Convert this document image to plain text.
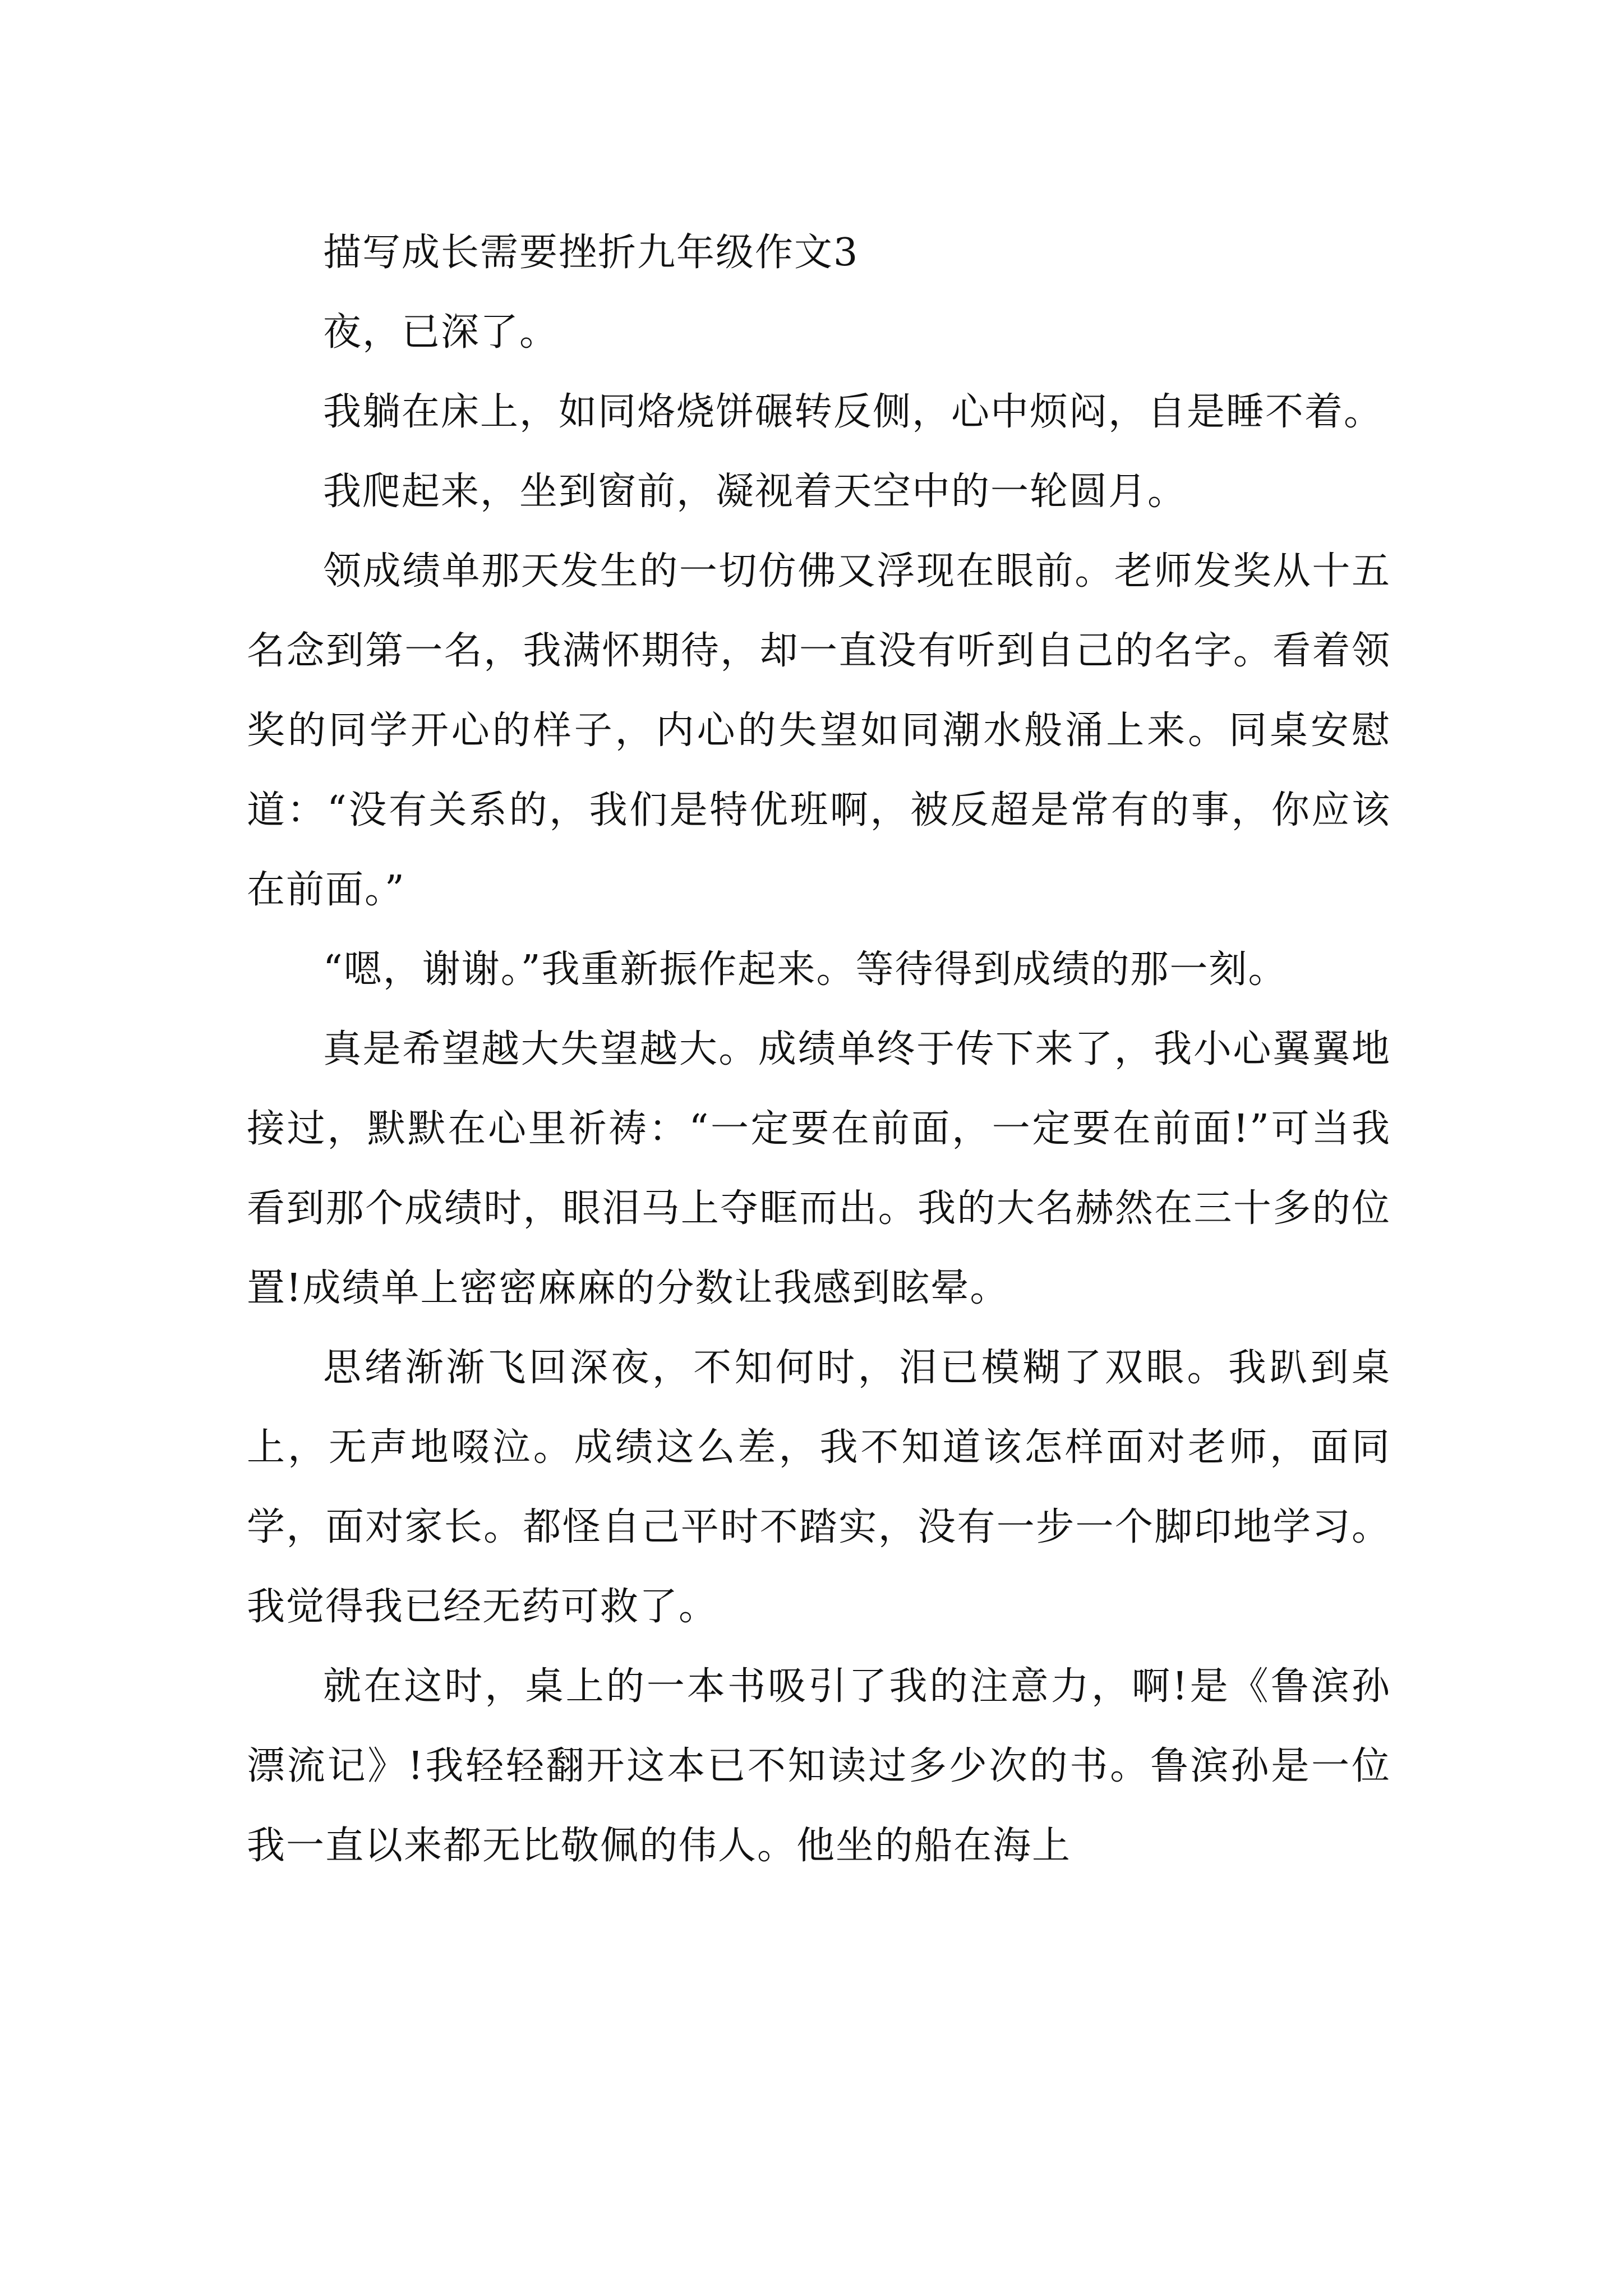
描写成长需要挫折九年级作文3

夜，已深了。

我躺在床上，如同烙烧饼碾转反侧，心中烦闷，自是睡不着。

我爬起来，坐到窗前，凝视着天空中的一轮圆月。

领成绩单那天发生的一切仿佛又浮现在眼前。老师发奖从十五名念到第一名，我满怀期待，却一直没有听到自己的名字。看着领奖的同学开心的样子，内心的失望如同潮水般涌上来。同桌安慰道：“没有关系的，我们是特优班啊，被反超是常有的事，你应该在前面。”

“嗯，谢谢。”我重新振作起来。等待得到成绩的那一刻。

真是希望越大失望越大。成绩单终于传下来了，我小心翼翼地接过，默默在心里祈祷：“一定要在前面，一定要在前面!”可当我看到那个成绩时，眼泪马上夺眶而出。我的大名赫然在三十多的位置!成绩单上密密麻麻的分数让我感到眩晕。

思绪渐渐飞回深夜，不知何时，泪已模糊了双眼。我趴到桌上，无声地啜泣。成绩这么差，我不知道该怎样面对老师，面同学，面对家长。都怪自己平时不踏实，没有一步一个脚印地学习。我觉得我已经无药可救了。

就在这时，桌上的一本书吸引了我的注意力，啊!是《鲁滨孙漂流记》!我轻轻翻开这本已不知读过多少次的书。鲁滨孙是一位我一直以来都无比敬佩的伟人。他坐的船在海上
